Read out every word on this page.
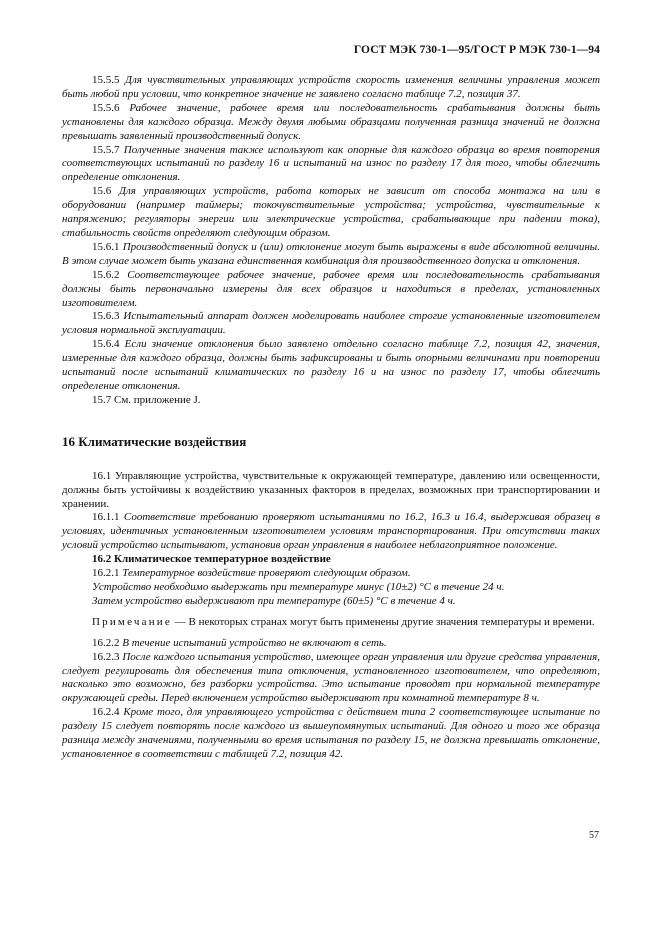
ГОСТ МЭК 730-1—95/ГОСТ Р МЭК 730-1—94

15.5.5 Для чувствительных управляющих устройств скорость изменения величины управления может быть любой при условии, что конкретное значение не заявлено согласно таблице 7.2, позиция 37.

15.5.6 Рабочее значение, рабочее время или последовательность срабатывания должны быть установлены для каждого образца. Между двумя любыми образцами полученная разница значений не должна превышать заявленный производственный допуск.

15.5.7 Полученные значения также используют как опорные для каждого образца во время повторения соответствующих испытаний по разделу 16 и испытаний на износ по разделу 17 для того, чтобы облегчить определение отклонения.

15.6 Для управляющих устройств, работа которых не зависит от способа монтажа на или в оборудовании (например таймеры; токочувствительные устройства; устройства, чувствительные к напряжению; регуляторы энергии или электрические устройства, срабатывающие при падении тока), стабильность свойств определяют следующим образом.

15.6.1 Производственный допуск и (или) отклонение могут быть выражены в виде абсолютной величины. В этом случае может быть указана единственная комбинация для производственного допуска и отклонения.

15.6.2 Соответствующее рабочее значение, рабочее время или последовательность срабатывания должны быть первоначально измерены для всех образцов и находиться в пределах, установленных изготовителем.

15.6.3 Испытательный аппарат должен моделировать наиболее строгие установленные изготовителем условия нормальной эксплуатации.

15.6.4 Если значение отклонения было заявлено отдельно согласно таблице 7.2, позиция 42, значения, измеренные для каждого образца, должны быть зафиксированы и быть опорными величинами при повторении испытаний после испытаний климатических по разделу 16 и на износ по разделу 17, чтобы облегчить определение отклонения.

15.7 См. приложение J.

16 Климатические воздействия

16.1 Управляющие устройства, чувствительные к окружающей температуре, давлению или освещенности, должны быть устойчивы к воздействию указанных факторов в пределах, возможных при транспортировании и хранении.

16.1.1 Соответствие требованию проверяют испытаниями по 16.2, 16.3 и 16.4, выдерживая образец в условиях, идентичных установленным изготовителем условиям транспортирования. При отсутствии таких условий устройство испытывают, установив орган управления в наиболее неблагоприятное положение.

16.2 Климатическое температурное воздействие

16.2.1 Температурное воздействие проверяют следующим образом.

Устройство необходимо выдержать при температуре минус (10±2) °С в течение 24 ч.

Затем устройство выдерживают при температуре (60±5) °С в течение 4 ч.

Примечание — В некоторых странах могут быть применены другие значения температуры и времени.

16.2.2 В течение испытаний устройство не включают в сеть.

16.2.3 После каждого испытания устройство, имеющее орган управления или другие средства управления, следует регулировать для обеспечения типа отключения, установленного изготовителем, что определяют, насколько это возможно, без разборки устройства. Это испытание проводят при нормальной температуре окружающей среды. Перед включением устройство выдерживают при комнатной температуре 8 ч.

16.2.4 Кроме того, для управляющего устройства с действием типа 2 соответствующее испытание по разделу 15 следует повторять после каждого из вышеупомянутых испытаний. Для одного и того же образца разница между значениями, полученными во время испытания по разделу 15, не должна превышать отклонение, установленное в соответствии с таблицей 7.2, позиция 42.

57
